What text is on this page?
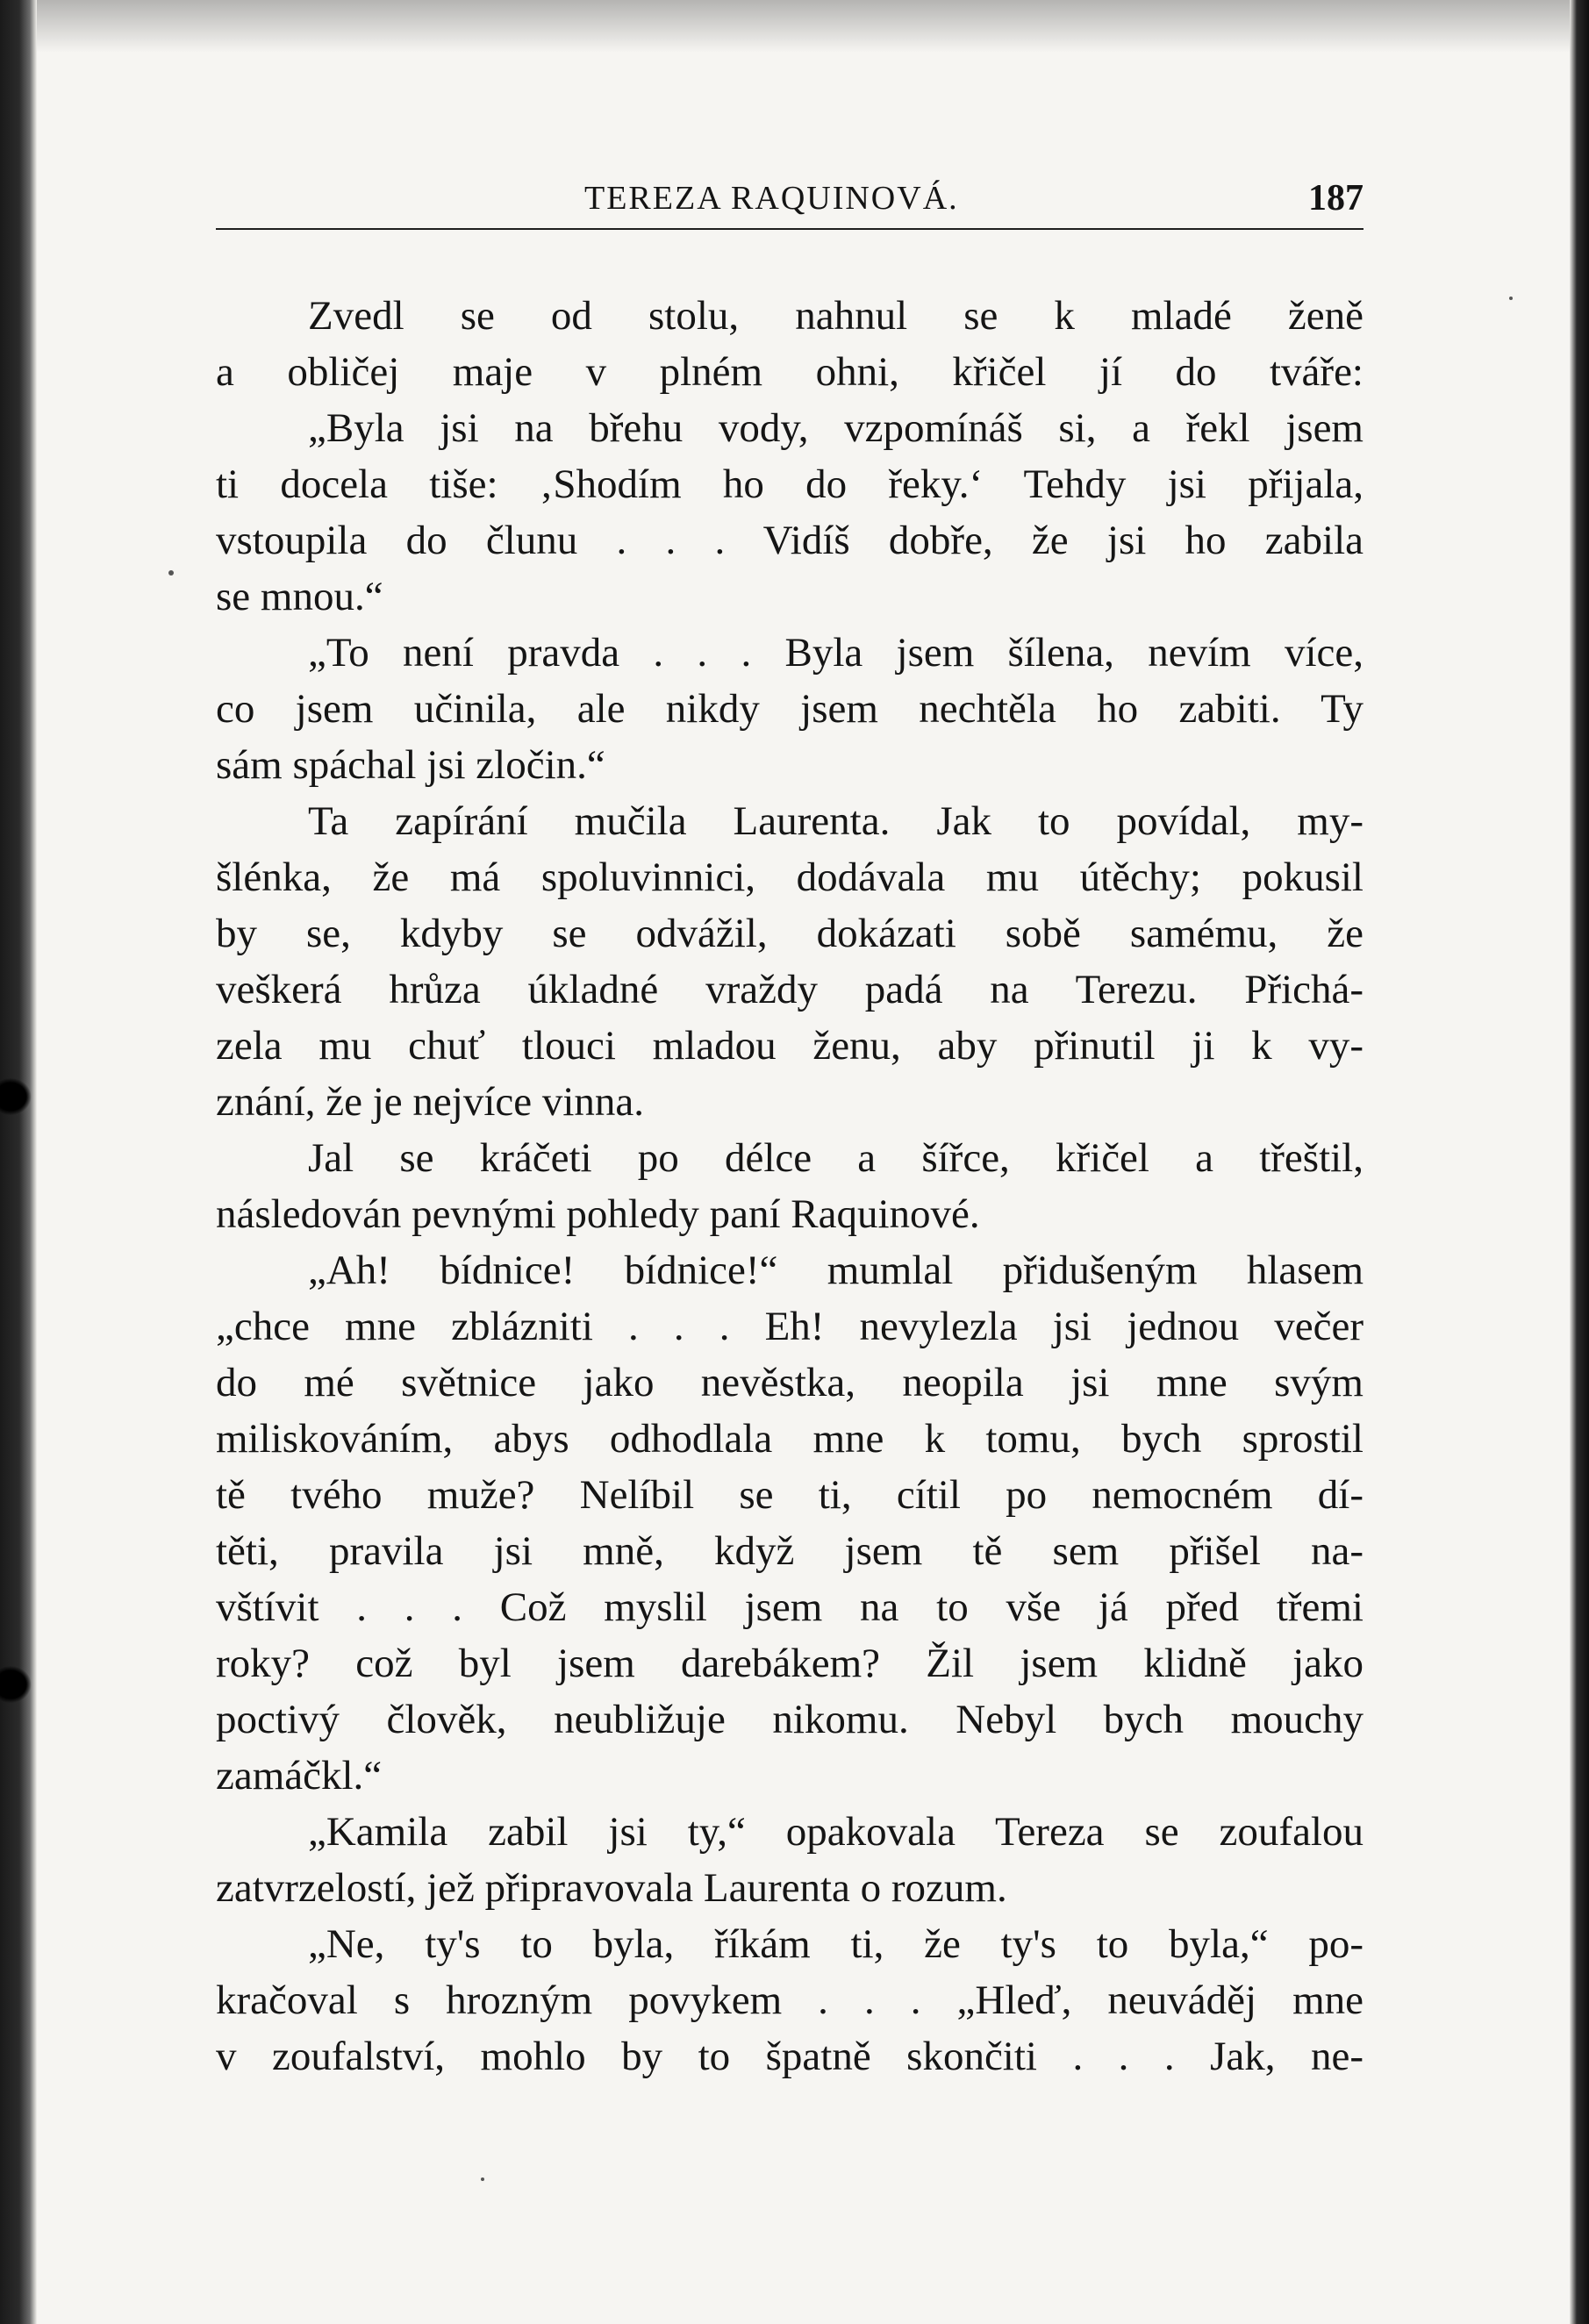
TEREZA RAQUINOVÁ.	187
Zvedl se od stolu, nahnul se k mladé ženě
a obličej maje v plném ohni, křičel jí do tváře:
„Byla jsi na břehu vody, vzpomínáš si, a řekl jsem
ti docela tiše: ‚Shodím ho do řeky.‘ Tehdy jsi přijala,
vstoupila do člunu . . . Vidíš dobře, že jsi ho zabila
se mnou.“
„To není pravda . . . Byla jsem šílena, nevím více,
co jsem učinila, ale nikdy jsem nechtěla ho zabiti. Ty
sám spáchal jsi zločin.“
Ta zapírání mučila Laurenta. Jak to povídal, my-
šlénka, že má spoluvinnici, dodávala mu útěchy; pokusil
by se, kdyby se odvážil, dokázati sobě samému, že
veškerá hrůza úkladné vraždy padá na Terezu. Přichá-
zela mu chuť tlouci mladou ženu, aby přinutil ji k vy-
znání, že je nejvíce vinna.
Jal se kráčeti po délce a šířce, křičel a třeštil,
následován pevnými pohledy paní Raquinové.
„Ah! bídnice! bídnice!“ mumlal přidušeným hlasem
„chce mne zblázniti . . . Eh! nevylezla jsi jednou večer
do mé světnice jako nevěstka, neopila jsi mne svým
miliskováním, abys odhodlala mne k tomu, bych sprostil
tě tvého muže? Nelíbil se ti, cítil po nemocném dí-
těti, pravila jsi mně, když jsem tě sem přišel na-
vštívit . . . Což myslil jsem na to vše já před třemi
roky? což byl jsem darebákem? Žil jsem klidně jako
poctivý člověk, neubližuje nikomu. Nebyl bych mouchy
zamáčkl.“
„Kamila zabil jsi ty,“ opakovala Tereza se zoufalou
zatvrzelostí, jež připravovala Laurenta o rozum.
„Ne, ty's to byla, říkám ti, že ty's to byla,“ po-
kračoval s hrozným povykem . . . „Hleď, neuváděj mne
v zoufalství, mohlo by to špatně skončiti . . . Jak, ne-
